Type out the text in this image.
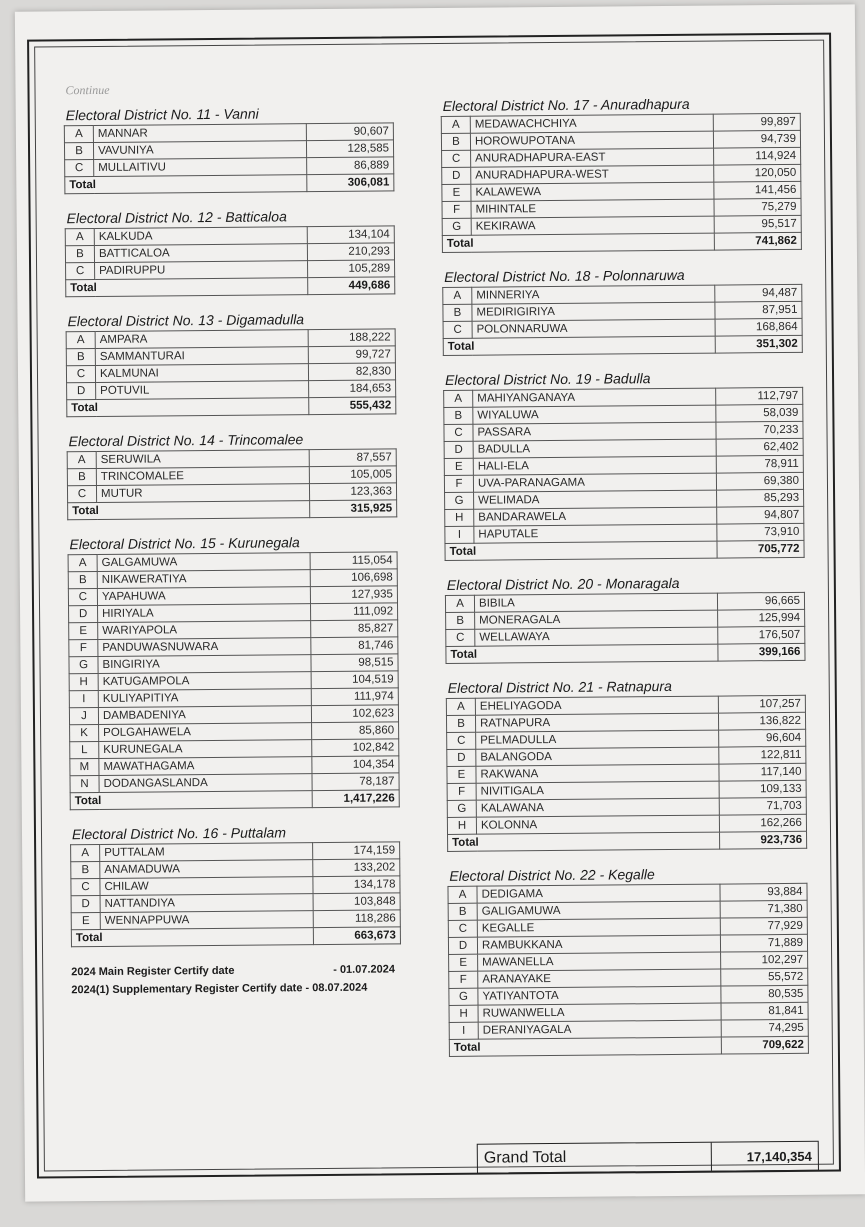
Continue
Electoral District No. 11 - Vanni
A	MANNAR	90,607
B	VAVUNIYA	128,585
C	MULLAITIVU	86,889
Total		306,081
Electoral District No. 12 - Batticaloa
A	KALKUDA	134,104
B	BATTICALOA	210,293
C	PADIRUPPU	105,289
Total		449,686
Electoral District No. 13 - Digamadulla
A	AMPARA	188,222
B	SAMMANTURAI	99,727
C	KALMUNAI	82,830
D	POTUVIL	184,653
Total		555,432
Electoral District No. 14 - Trincomalee
A	SERUWILA	87,557
B	TRINCOMALEE	105,005
C	MUTUR	123,363
Total		315,925
Electoral District No. 15 - Kurunegala
A	GALGAMUWA	115,054
B	NIKAWERATIYA	106,698
C	YAPAHUWA	127,935
D	HIRIYALA	111,092
E	WARIYAPOLA	85,827
F	PANDUWASNUWARA	81,746
G	BINGIRIYA	98,515
H	KATUGAMPOLA	104,519
I	KULIYAPITIYA	111,974
J	DAMBADENIYA	102,623
K	POLGAHAWELA	85,860
L	KURUNEGALA	102,842
M	MAWATHAGAMA	104,354
N	DODANGASLANDA	78,187
Total		1,417,226
Electoral District No. 16 - Puttalam
A	PUTTALAM	174,159
B	ANAMADUWA	133,202
C	CHILAW	134,178
D	NATTANDIYA	103,848
E	WENNAPPUWA	118,286
Total		663,673
2024 Main Register Certify date	- 01.07.2024
2024(1) Supplementary Register Certify date - 08.07.2024
Electoral District No. 17 - Anuradhapura
A	MEDAWACHCHIYA	99,897
B	HOROWUPOTANA	94,739
C	ANURADHAPURA-EAST	114,924
D	ANURADHAPURA-WEST	120,050
E	KALAWEWA	141,456
F	MIHINTALE	75,279
G	KEKIRAWA	95,517
Total		741,862
Electoral District No. 18 - Polonnaruwa
A	MINNERIYA	94,487
B	MEDIRIGIRIYA	87,951
C	POLONNARUWA	168,864
Total		351,302
Electoral District No. 19 - Badulla
A	MAHIYANGANAYA	112,797
B	WIYALUWA	58,039
C	PASSARA	70,233
D	BADULLA	62,402
E	HALI-ELA	78,911
F	UVA-PARANAGAMA	69,380
G	WELIMADA	85,293
H	BANDARAWELA	94,807
I	HAPUTALE	73,910
Total		705,772
Electoral District No. 20 - Monaragala
A	BIBILA	96,665
B	MONERAGALA	125,994
C	WELLAWAYA	176,507
Total		399,166
Electoral District No. 21 - Ratnapura
A	EHELIYAGODA	107,257
B	RATNAPURA	136,822
C	PELMADULLA	96,604
D	BALANGODA	122,811
E	RAKWANA	117,140
F	NIVITIGALA	109,133
G	KALAWANA	71,703
H	KOLONNA	162,266
Total		923,736
Electoral District No. 22 - Kegalle
A	DEDIGAMA	93,884
B	GALIGAMUWA	71,380
C	KEGALLE	77,929
D	RAMBUKKANA	71,889
E	MAWANELLA	102,297
F	ARANAYAKE	55,572
G	YATIYANTOTA	80,535
H	RUWANWELLA	81,841
I	DERANIYAGALA	74,295
Total		709,622
Grand Total	17,140,354
